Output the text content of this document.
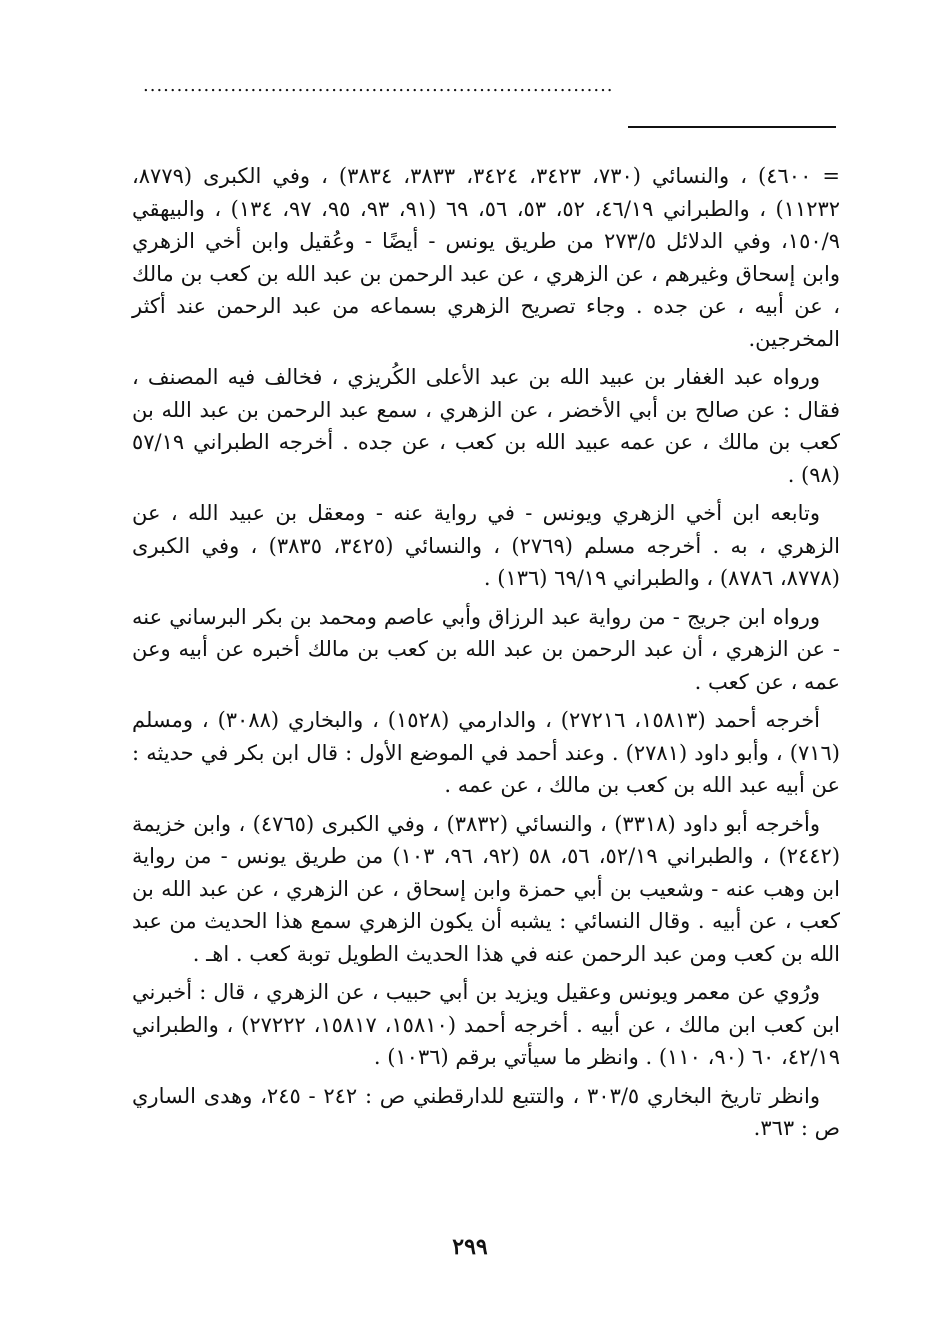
......................................................................

= ٤٦٠٠) ، والنسائي (٧٣٠، ٣٤٢٣، ٣٤٢٤، ٣٨٣٣، ٣٨٣٤) ، وفي الكبرى (٨٧٧٩، ١١٢٣٢) ، والطبراني ٤٦/١٩، ٥٢، ٥٣، ٥٦، ٦٩ (٩١، ٩٣، ٩٥، ٩٧، ١٣٤) ، والبيهقي ١٥٠/٩، وفي الدلائل ٢٧٣/٥ من طريق يونس - أيضًا - وعُقيل وابن أخي الزهري وابن إسحاق وغيرهم ، عن الزهري ، عن عبد الرحمن بن عبد الله بن كعب بن مالك ، عن أبيه ، عن جده . وجاء تصريح الزهري بسماعه من عبد الرحمن عند أكثر المخرجين.

ورواه عبد الغفار بن عبيد الله بن عبد الأعلى الكُريزي ، فخالف فيه المصنف ، فقال : عن صالح بن أبي الأخضر ، عن الزهري ، سمع عبد الرحمن بن عبد الله بن كعب بن مالك ، عن عمه عبيد الله بن كعب ، عن جده . أخرجه الطبراني ٥٧/١٩ (٩٨) .

وتابعه ابن أخي الزهري ويونس - في رواية عنه - ومعقل بن عبيد الله ، عن الزهري ، به . أخرجه مسلم (٢٧٦٩) ، والنسائي (٣٤٢٥، ٣٨٣٥) ، وفي الكبرى (٨٧٧٨، ٨٧٨٦) ، والطبراني ٦٩/١٩ (١٣٦) .

ورواه ابن جريج - من رواية عبد الرزاق وأبي عاصم ومحمد بن بكر البرساني عنه - عن الزهري ، أن عبد الرحمن بن عبد الله بن كعب بن مالك أخبره عن أبيه وعن عمه ، عن كعب .

أخرجه أحمد (١٥٨١٣، ٢٧٢١٦) ، والدارمي (١٥٢٨) ، والبخاري (٣٠٨٨) ، ومسلم (٧١٦) ، وأبو داود (٢٧٨١) . وعند أحمد في الموضع الأول : قال ابن بكر في حديثه : عن أبيه عبد الله بن كعب بن مالك ، عن عمه .

وأخرجه أبو داود (٣٣١٨) ، والنسائي (٣٨٣٢) ، وفي الكبرى (٤٧٦٥) ، وابن خزيمة (٢٤٤٢) ، والطبراني ٥٢/١٩، ٥٦، ٥٨ (٩٢، ٩٦، ١٠٣) من طريق يونس - من رواية ابن وهب عنه - وشعيب بن أبي حمزة وابن إسحاق ، عن الزهري ، عن عبد الله بن كعب ، عن أبيه . وقال النسائي : يشبه أن يكون الزهري سمع هذا الحديث من عبد الله بن كعب ومن عبد الرحمن عنه في هذا الحديث الطويل توبة كعب . اهـ .

ورُوي عن معمر ويونس وعقيل ويزيد بن أبي حبيب ، عن الزهري ، قال : أخبرني ابن كعب ابن مالك ، عن أبيه . أخرجه أحمد (١٥٨١٠، ١٥٨١٧، ٢٧٢٢٢) ، والطبراني ٤٢/١٩، ٦٠ (٩٠، ١١٠) . وانظر ما سيأتي برقم (١٠٣٦) .

وانظر تاريخ البخاري ٣٠٣/٥ ، والتتبع للدارقطني ص : ٢٤٢ - ٢٤٥، وهدى الساري ص : ٣٦٣.

٢٩٩
